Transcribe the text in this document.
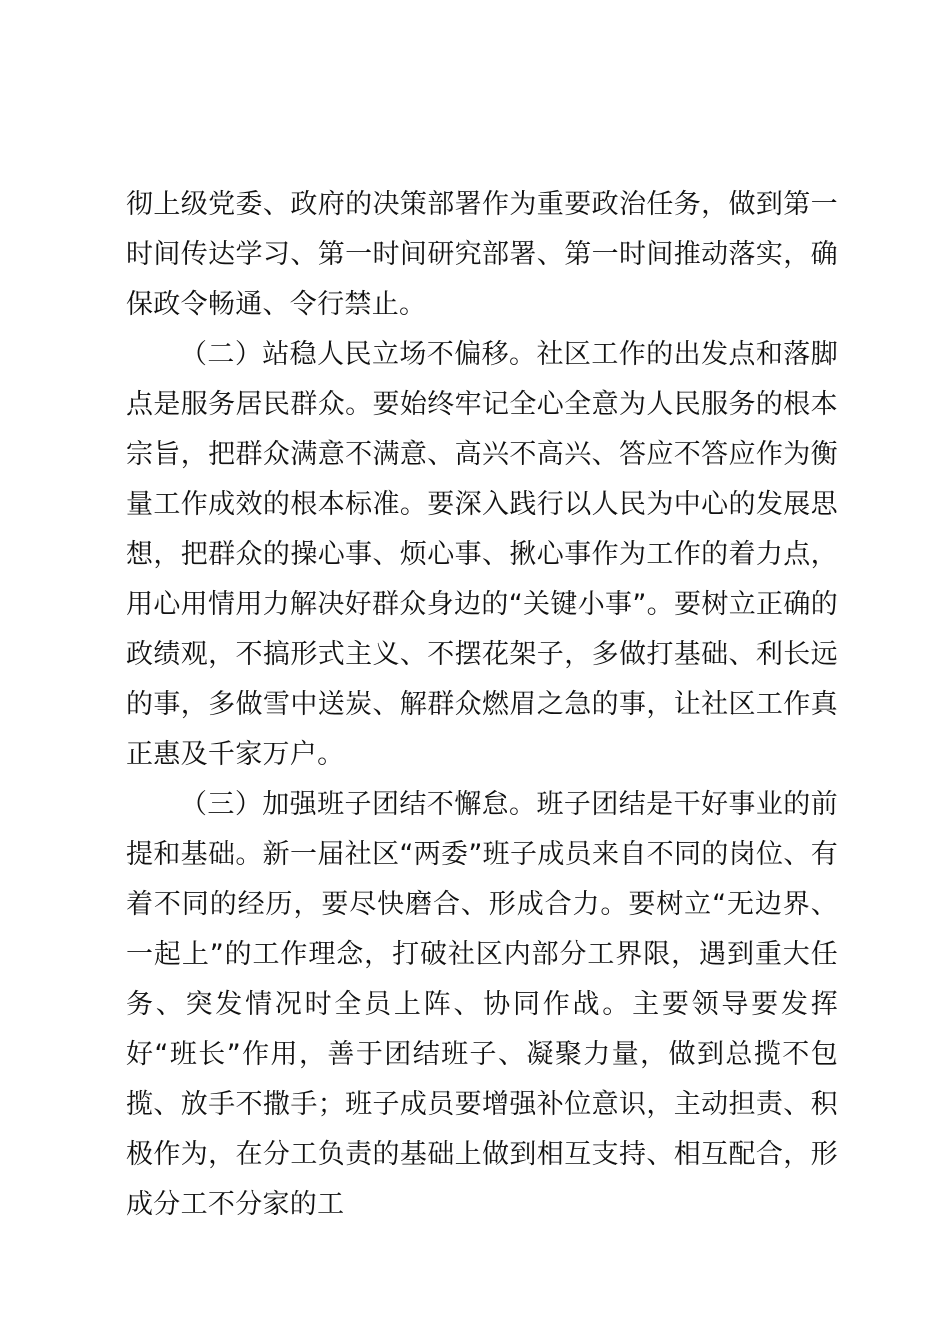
彻上级党委、政府的决策部署作为重要政治任务，做到第一时间传达学习、第一时间研究部署、第一时间推动落实，确保政令畅通、令行禁止。

（二）站稳人民立场不偏移。社区工作的出发点和落脚点是服务居民群众。要始终牢记全心全意为人民服务的根本宗旨，把群众满意不满意、高兴不高兴、答应不答应作为衡量工作成效的根本标准。要深入践行以人民为中心的发展思想，把群众的操心事、烦心事、揪心事作为工作的着力点，用心用情用力解决好群众身边的“关键小事”。要树立正确的政绩观，不搞形式主义、不摆花架子，多做打基础、利长远的事，多做雪中送炭、解群众燃眉之急的事，让社区工作真正惠及千家万户。

（三）加强班子团结不懈怠。班子团结是干好事业的前提和基础。新一届社区“两委”班子成员来自不同的岗位、有着不同的经历，要尽快磨合、形成合力。要树立“无边界、一起上”的工作理念，打破社区内部分工界限，遇到重大任务、突发情况时全员上阵、协同作战。主要领导要发挥好“班长”作用，善于团结班子、凝聚力量，做到总揽不包揽、放手不撒手；班子成员要增强补位意识，主动担责、积极作为，在分工负责的基础上做到相互支持、相互配合，形成分工不分家的工
